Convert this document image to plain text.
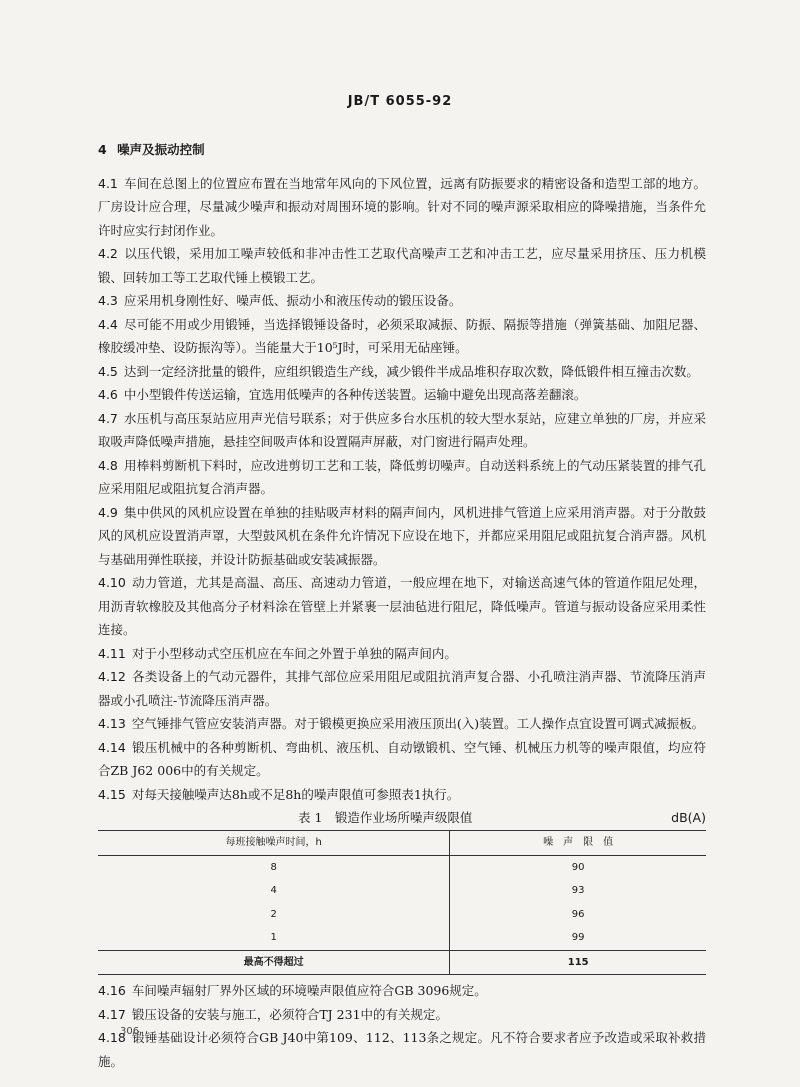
JB/T 6055-92
4 噪声及振动控制

4.1 车间在总图上的位置应布置在当地常年风向的下风位置，远离有防振要求的精密设备和造型工部的地方。厂房设计应合理，尽量减少噪声和振动对周围环境的影响。针对不同的噪声源采取相应的降噪措施，当条件允许时应实行封闭作业。

4.2 以压代锻，采用加工噪声较低和非冲击性工艺取代高噪声工艺和冲击工艺，应尽量采用挤压、压力机模锻、回转加工等工艺取代锤上模锻工艺。

4.3 应采用机身刚性好、噪声低、振动小和液压传动的锻压设备。

4.4 尽可能不用或少用锻锤，当选择锻锤设备时，必须采取减振、防振、隔振等措施（弹簧基础、加阻尼器、橡胶缓冲垫、设防振沟等）。当能量大于10⁵J时，可采用无砧座锤。

4.5 达到一定经济批量的锻件，应组织锻造生产线，减少锻件半成品堆积存取次数，降低锻件相互撞击次数。

4.6 中小型锻件传送运输，宜选用低噪声的各种传送装置。运输中避免出现高落差翻滚。

4.7 水压机与高压泵站应用声光信号联系；对于供应多台水压机的较大型水泵站，应建立单独的厂房，并应采取吸声降低噪声措施，悬挂空间吸声体和设置隔声屏蔽，对门窗进行隔声处理。

4.8 用棒料剪断机下料时，应改进剪切工艺和工装，降低剪切噪声。自动送料系统上的气动压紧装置的排气孔应采用阻尼或阻抗复合消声器。

4.9 集中供风的风机应设置在单独的挂贴吸声材料的隔声间内，风机进排气管道上应采用消声器。对于分散鼓风的风机应设置消声罩，大型鼓风机在条件允许情况下应设在地下，并都应采用阻尼或阻抗复合消声器。风机与基础用弹性联接，并设计防振基础或安装减振器。

4.10 动力管道，尤其是高温、高压、高速动力管道，一般应埋在地下，对输送高速气体的管道作阻尼处理，用沥青软橡胶及其他高分子材料涂在管壁上并紧裹一层油毡进行阻尼，降低噪声。管道与振动设备应采用柔性连接。

4.11 对于小型移动式空压机应在车间之外置于单独的隔声间内。

4.12 各类设备上的气动元器件，其排气部位应采用阻尼或阻抗消声复合器、小孔喷注消声器、节流降压消声器或小孔喷注-节流降压消声器。

4.13 空气锤排气管应安装消声器。对于锻模更换应采用液压顶出(入)装置。工人操作点宜设置可调式减振板。

4.14 锻压机械中的各种剪断机、弯曲机、液压机、自动镦锻机、空气锤、机械压力机等的噪声限值，均应符合ZB J62 006中的有关规定。

4.15 对每天接触噪声达8h或不足8h的噪声限值可参照表1执行。

表 1　锻造作业场所噪声级限值	dB(A)
每班接触噪声时间，h	噪　声　限　值
8	90
4	93
2	96
1	99
最高不得超过	115

4.16 车间噪声辐射厂界外区域的环境噪声限值应符合GB 3096规定。

4.17 锻压设备的安装与施工，必须符合TJ 231中的有关规定。

4.18 锻锤基础设计必须符合GB J40中第109、112、113条之规定。凡不符合要求者应予改造或采取补救措施。

306
